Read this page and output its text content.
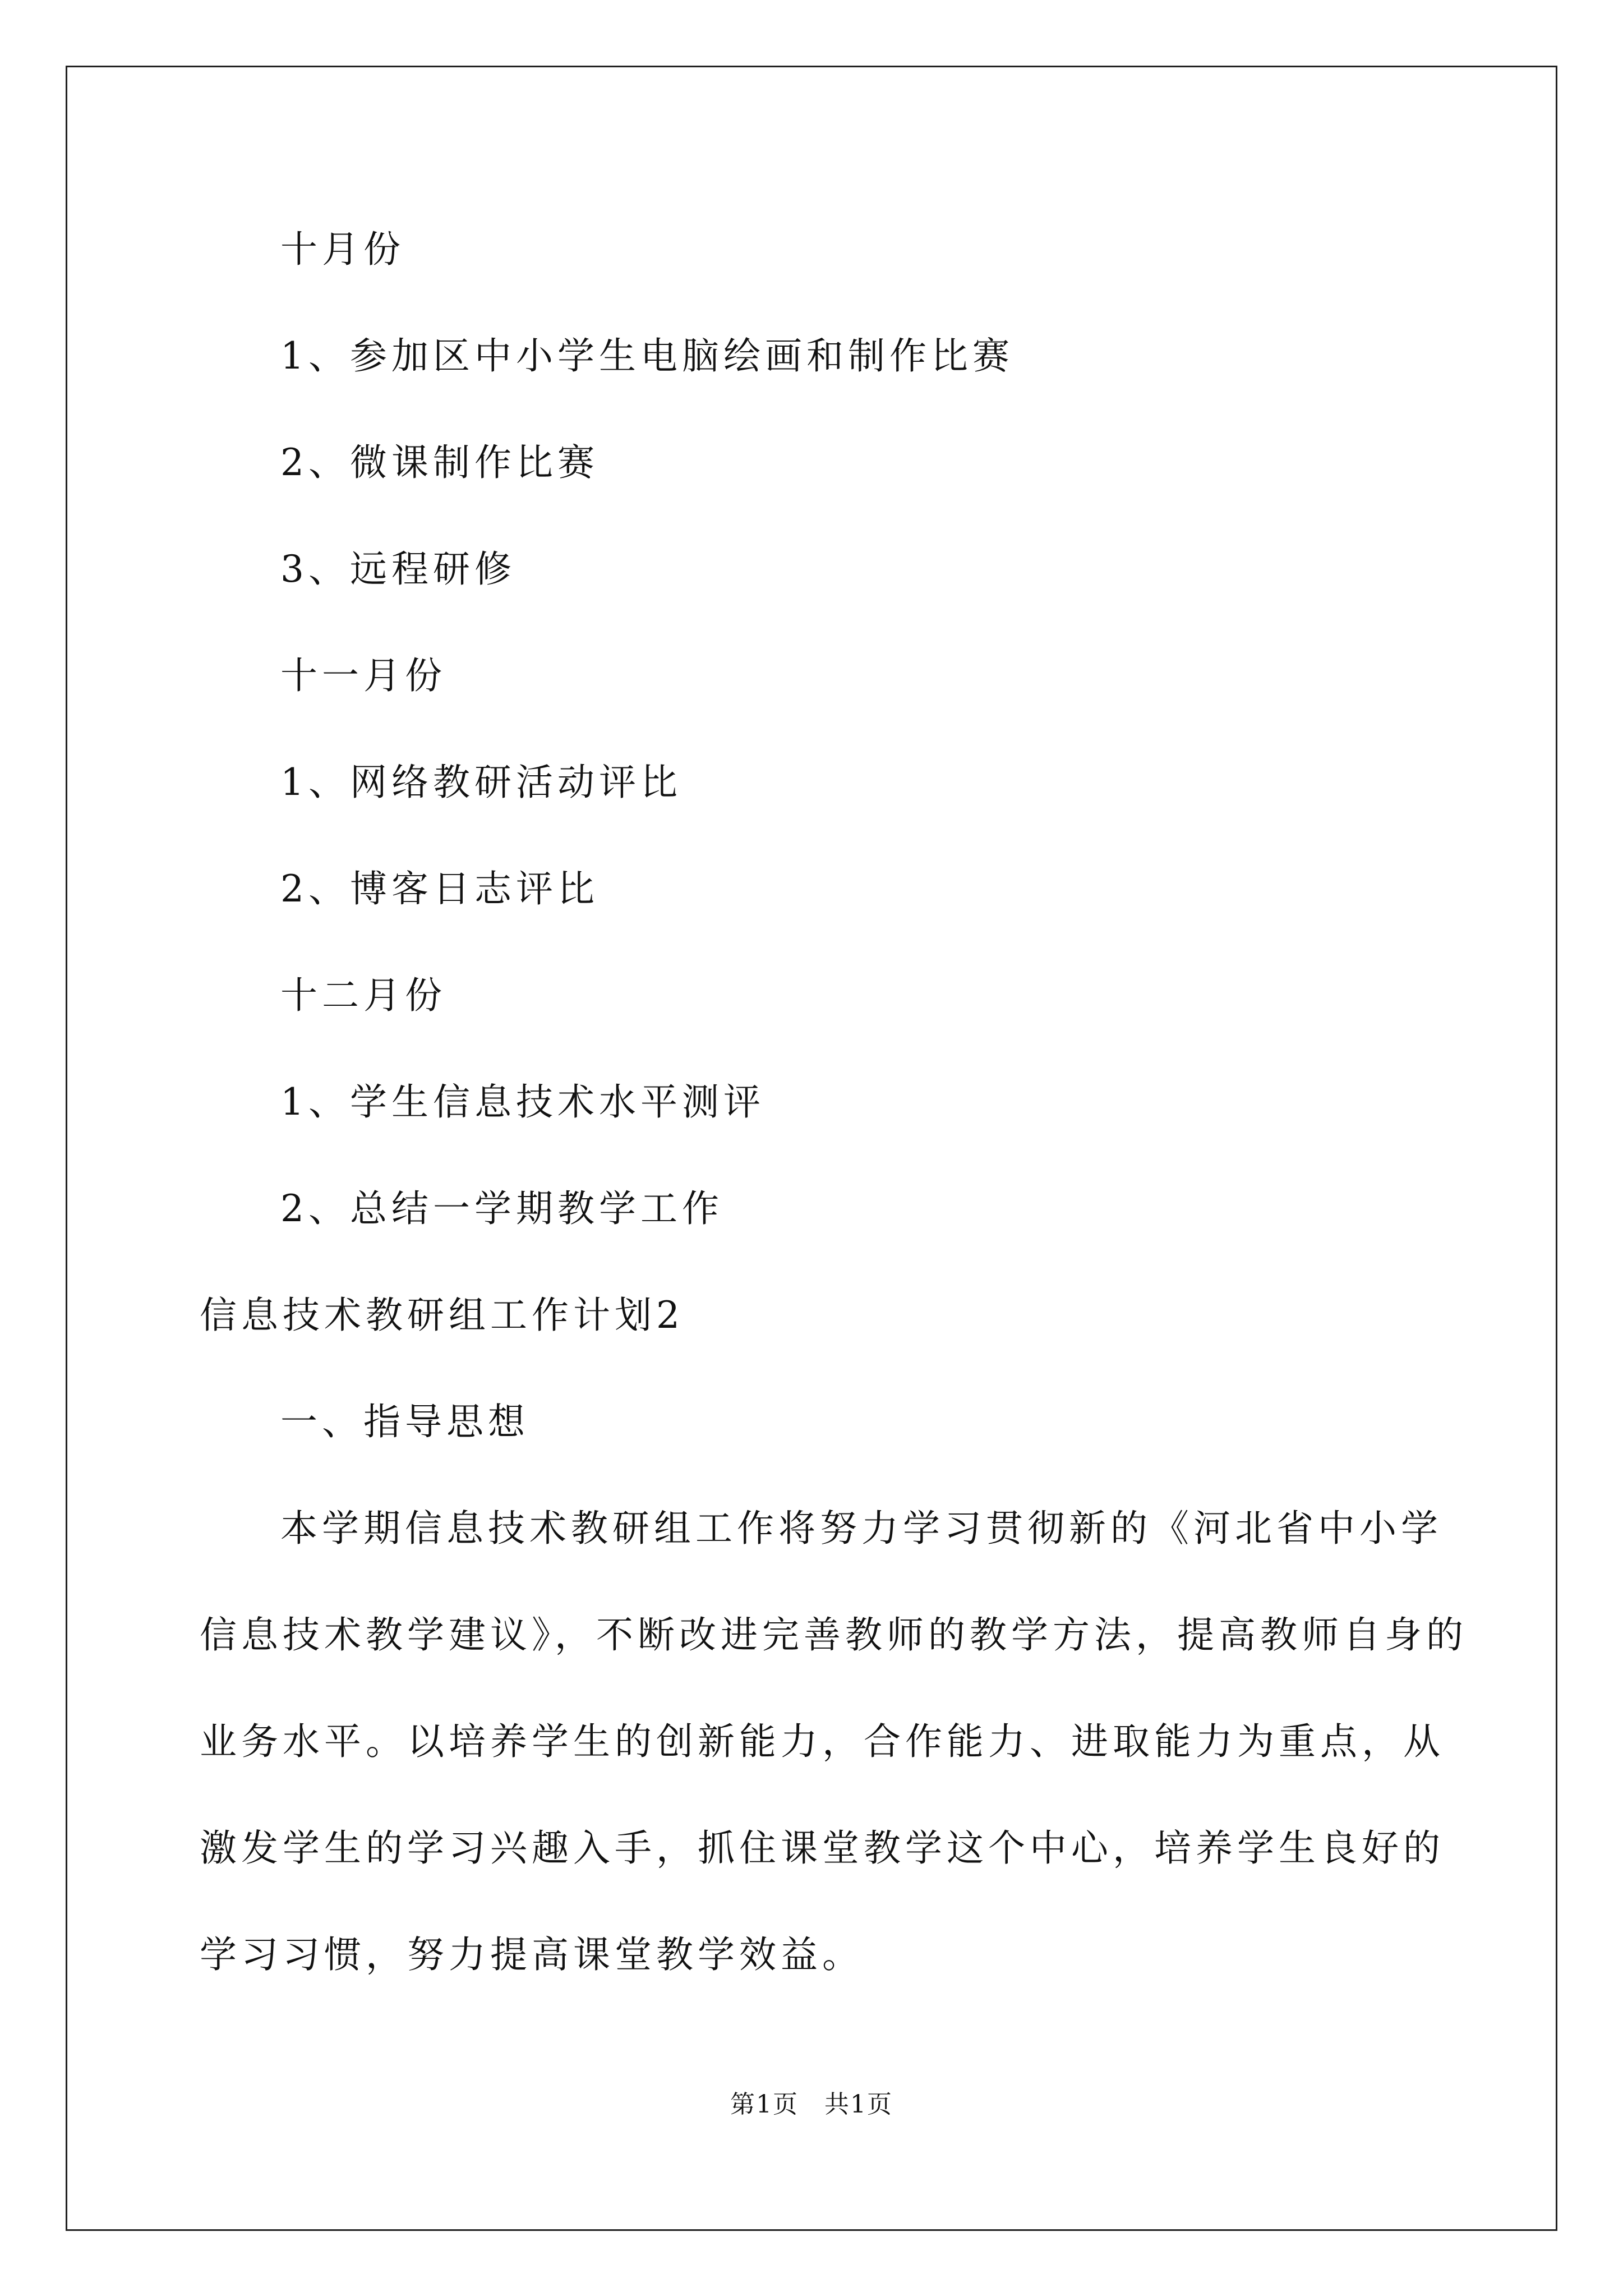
十月份
1、参加区中小学生电脑绘画和制作比赛
2、微课制作比赛
3、远程研修
十一月份
1、网络教研活动评比
2、博客日志评比
十二月份
1、学生信息技术水平测评
2、总结一学期教学工作
信息技术教研组工作计划2
一、指导思想
本学期信息技术教研组工作将努力学习贯彻新的《河北省中小学
信息技术教学建议》，不断改进完善教师的教学方法，提高教师自身的
业务水平。以培养学生的创新能力，合作能力、进取能力为重点，从
激发学生的学习兴趣入手，抓住课堂教学这个中心，培养学生良好的
学习习惯，努力提高课堂教学效益。
第1页　共1页
